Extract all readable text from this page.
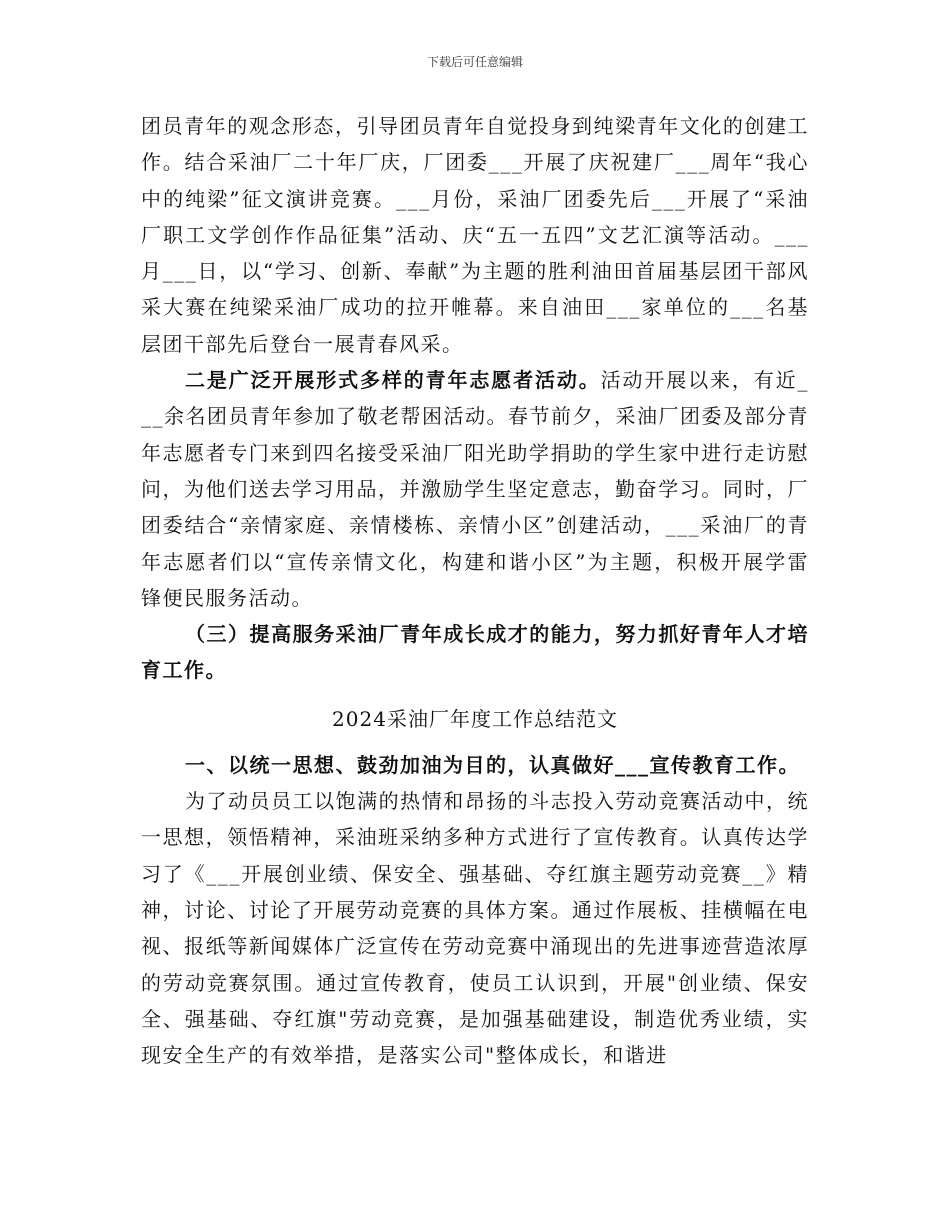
下载后可任意编辑

团员青年的观念形态，引导团员青年自觉投身到纯梁青年文化的创建工作。结合采油厂二十年厂庆，厂团委___开展了庆祝建厂___周年“我心中的纯梁”征文演讲竞赛。___月份，采油厂团委先后___开展了“采油厂职工文学创作作品征集”活动、庆“五一五四”文艺汇演等活动。___月___日，以“学习、创新、奉献”为主题的胜利油田首届基层团干部风采大赛在纯梁采油厂成功的拉开帷幕。来自油田___家单位的___名基层团干部先后登台一展青春风采。

二是广泛开展形式多样的青年志愿者活动。活动开展以来，有近___余名团员青年参加了敬老帮困活动。春节前夕，采油厂团委及部分青年志愿者专门来到四名接受采油厂阳光助学捐助的学生家中进行走访慰问，为他们送去学习用品，并激励学生坚定意志，勤奋学习。同时，厂团委结合“亲情家庭、亲情楼栋、亲情小区”创建活动，___采油厂的青年志愿者们以“宣传亲情文化，构建和谐小区”为主题，积极开展学雷锋便民服务活动。

（三）提高服务采油厂青年成长成才的能力，努力抓好青年人才培育工作。

2024采油厂年度工作总结范文

一、以统一思想、鼓劲加油为目的，认真做好___宣传教育工作。

为了动员员工以饱满的热情和昂扬的斗志投入劳动竞赛活动中，统一思想，领悟精神，采油班采纳多种方式进行了宣传教育。认真传达学习了《___开展创业绩、保安全、强基础、夺红旗主题劳动竞赛__》精神，讨论、讨论了开展劳动竞赛的具体方案。通过作展板、挂横幅在电视、报纸等新闻媒体广泛宣传在劳动竞赛中涌现出的先进事迹营造浓厚的劳动竞赛氛围。通过宣传教育，使员工认识到，开展"创业绩、保安全、强基础、夺红旗"劳动竞赛，是加强基础建设，制造优秀业绩，实现安全生产的有效举措，是落实公司"整体成长，和谐进
